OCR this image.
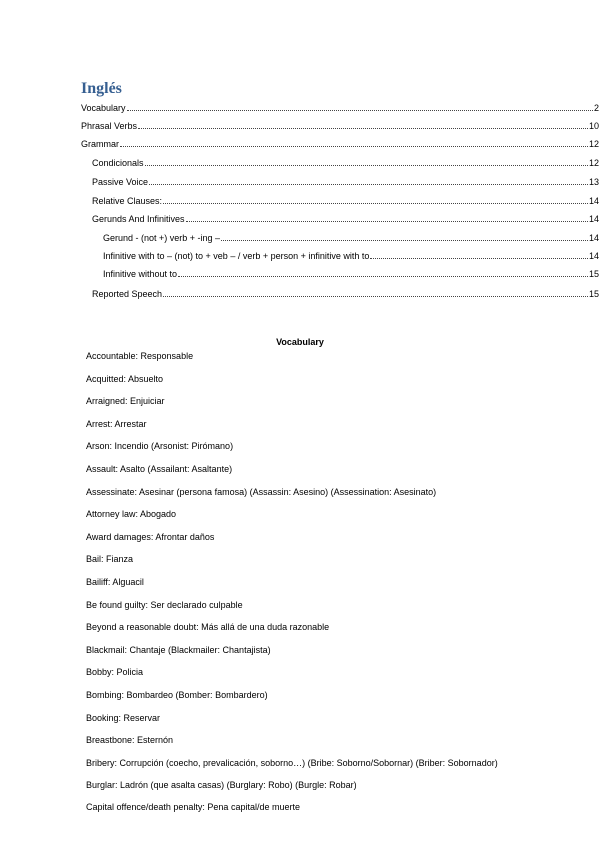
Inglés
Vocabulary	2
Phrasal Verbs	10
Grammar	12
Condicionals	12
Passive Voice	13
Relative Clauses:	14
Gerunds And Infinitives	14
Gerund - (not +) verb + -ing –	14
Infinitive with to – (not) to + veb – / verb + person + infinitive with to	14
Infinitive without to	15
Reported Speech	15
Vocabulary

Accountable: Responsable

Acquitted: Absuelto

Arraigned: Enjuiciar

Arrest: Arrestar

Arson: Incendio (Arsonist: Pirómano)

Assault: Asalto (Assailant: Asaltante)

Assessinate: Asesinar (persona famosa) (Assassin: Asesino) (Assessination: Asesinato)

Attorney law: Abogado

Award damages: Afrontar daños

Bail: Fianza

Bailiff: Alguacil

Be found guilty: Ser declarado culpable

Beyond a reasonable doubt: Más allá de una duda razonable

Blackmail: Chantaje (Blackmailer: Chantajista)

Bobby: Policia

Bombing: Bombardeo (Bomber: Bombardero)

Booking: Reservar

Breastbone: Esternón

Bribery: Corrupción (coecho, prevalicación, soborno…) (Bribe: Soborno/Sobornar) (Briber: Sobornador)

Burglar: Ladrón (que asalta casas) (Burglary: Robo) (Burgle: Robar)

Capital offence/death penalty: Pena capital/de muerte
